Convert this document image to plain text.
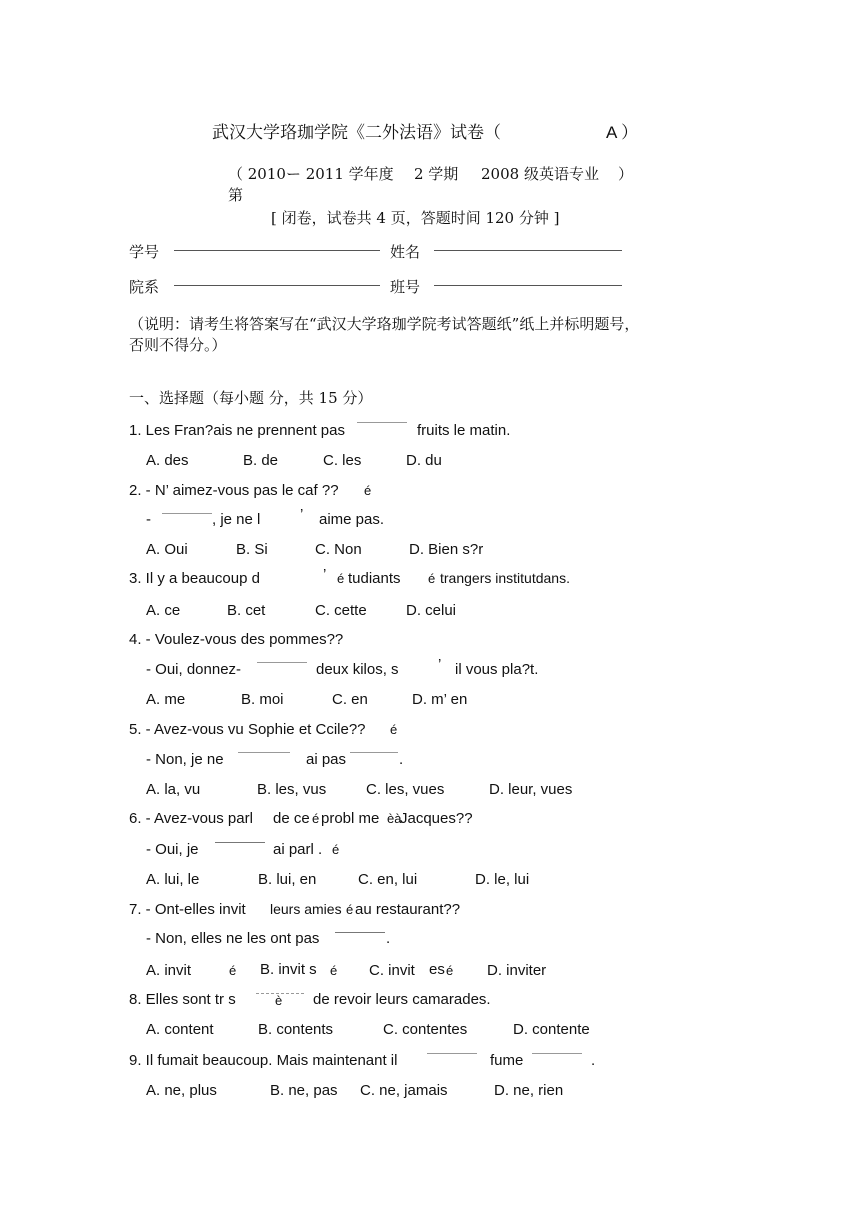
武汉大学珞珈学院《二外法语》试卷（	A ）
（ 2010ー 2011 学年度 2 学期 2008 级英语专业 ）
第
[ 闭卷，试卷共 4 页，答题时间 120 分钟 ]
学号	姓名
院系	班号
（说明：请考生将答案写在“武汉大学珞珈学院考试答题纸”纸上并标明题号，
否则不得分。）
一、选择题（每小题 分，共 15 分）
1. Les Fran?ais ne prennent pas	fruits le matin.
A. des	B. de	C. les	D. du
2. - N’ aimez-vous pas le caf ?? é
-	, je ne l	’ aime pas.
A. Oui	B. Si	C. Non	D. Bien s?r
3. Il y a beaucoup d	’ é tudiants é trangers institutdans.
A. ce	B. cet	C. cette	D. celui
4. - Voulez-vous des pommes??
- Oui, donnez-	deux kilos, s	’ il vous pla?t.
A. me	B. moi	C. en	D. m’ en
5. - Avez-vous vu Sophie et Ccile?? é
- Non, je ne	ai pas	.
A. la, vu	B. les, vus	C. les, vues	D. leur, vues
6. - Avez-vous parl de ce é probl me èà
Jacques??
- Oui, je	ai parl . é
A. lui, le	B. lui, en	C. en, lui	D. le, lui
7. - Ont-elles invit leurs amies é au restaurant??
- Non, elles ne les ont pas	.
A. invit	é B. invit s é C. invit es é D. inviter
8. Elles sont tr s	è de revoir leurs camarades.
A. content	B. contents	C. contentes	D. contente
9. Il fumait beaucoup. Mais maintenant il	fume	.
A. ne, plus	B. ne, pas C. ne, jamais	D. ne, rien
